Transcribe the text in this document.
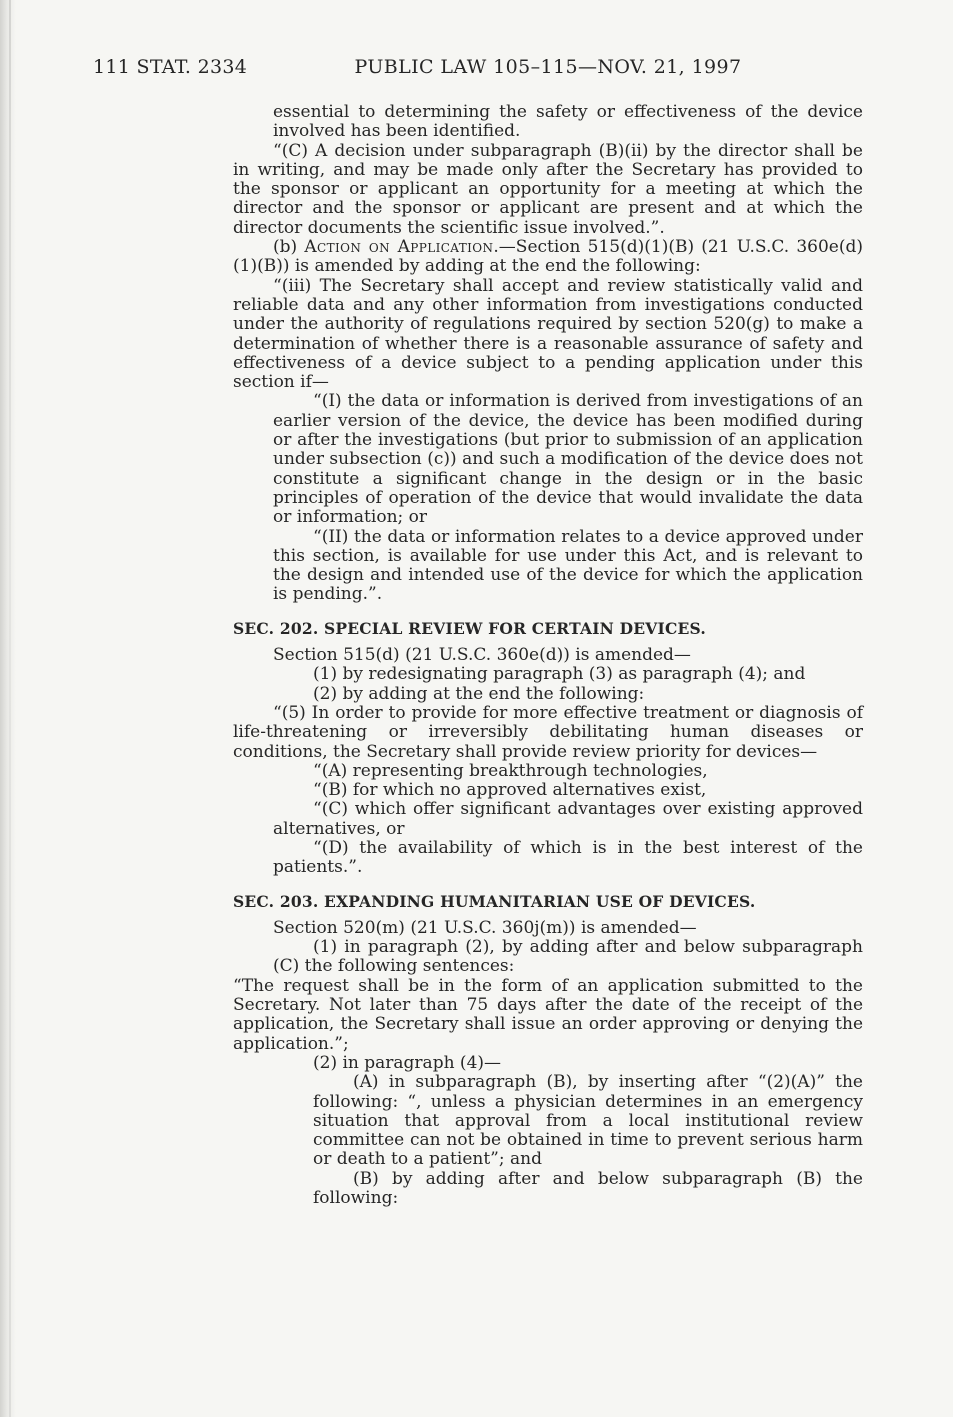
111 STAT. 2334	PUBLIC LAW 105–115—NOV. 21, 1997

essential to determining the safety or effectiveness of the device involved has been identified.

“(C) A decision under subparagraph (B)(ii) by the director shall be in writing, and may be made only after the Secretary has provided to the sponsor or applicant an opportunity for a meeting at which the director and the sponsor or applicant are present and at which the director documents the scientific issue involved.”.

(b) Action on Application.—Section 515(d)(1)(B) (21 U.S.C. 360e(d)(1)(B)) is amended by adding at the end the following:

“(iii) The Secretary shall accept and review statistically valid and reliable data and any other information from investigations conducted under the authority of regulations required by section 520(g) to make a determination of whether there is a reasonable assurance of safety and effectiveness of a device subject to a pending application under this section if—

“(I) the data or information is derived from investigations of an earlier version of the device, the device has been modified during or after the investigations (but prior to submission of an application under subsection (c)) and such a modification of the device does not constitute a significant change in the design or in the basic principles of operation of the device that would invalidate the data or information; or

“(II) the data or information relates to a device approved under this section, is available for use under this Act, and is relevant to the design and intended use of the device for which the application is pending.”.

SEC. 202. SPECIAL REVIEW FOR CERTAIN DEVICES.

Section 515(d) (21 U.S.C. 360e(d)) is amended—

(1) by redesignating paragraph (3) as paragraph (4); and

(2) by adding at the end the following:

“(5) In order to provide for more effective treatment or diagnosis of life-threatening or irreversibly debilitating human diseases or conditions, the Secretary shall provide review priority for devices—

“(A) representing breakthrough technologies,

“(B) for which no approved alternatives exist,

“(C) which offer significant advantages over existing approved alternatives, or

“(D) the availability of which is in the best interest of the patients.”.

SEC. 203. EXPANDING HUMANITARIAN USE OF DEVICES.

Section 520(m) (21 U.S.C. 360j(m)) is amended—

(1) in paragraph (2), by adding after and below subparagraph (C) the following sentences:

“The request shall be in the form of an application submitted to the Secretary. Not later than 75 days after the date of the receipt of the application, the Secretary shall issue an order approving or denying the application.”;

(2) in paragraph (4)—

(A) in subparagraph (B), by inserting after “(2)(A)” the following: “, unless a physician determines in an emergency situation that approval from a local institutional review committee can not be obtained in time to prevent serious harm or death to a patient”; and

(B) by adding after and below subparagraph (B) the following:
